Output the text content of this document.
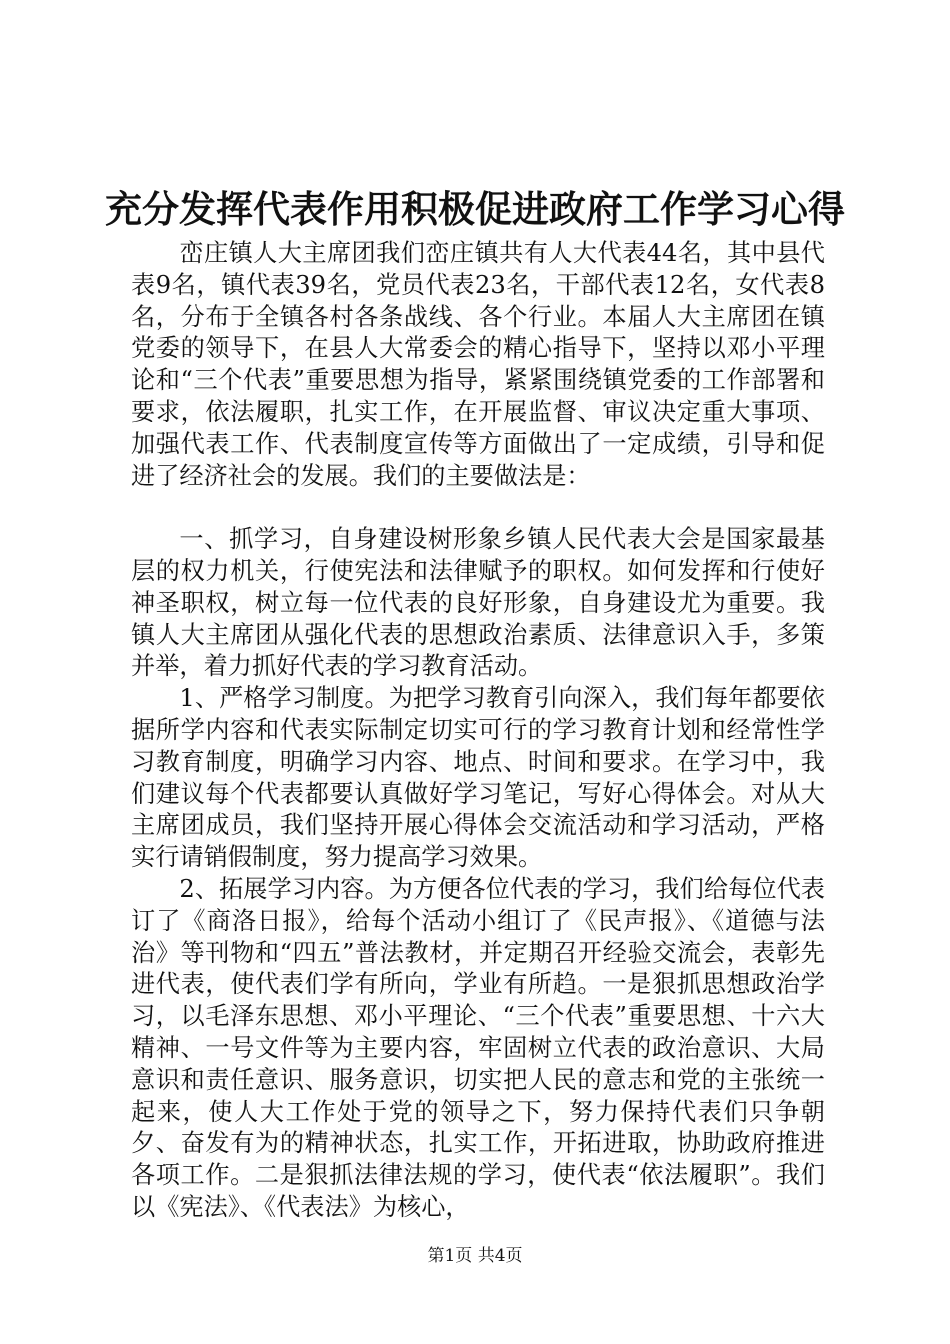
充分发挥代表作用积极促进政府工作学习心得

峦庄镇人大主席团我们峦庄镇共有人大代表44名，其中县代表9名，镇代表39名，党员代表23名，干部代表12名，女代表8名，分布于全镇各村各条战线、各个行业。本届人大主席团在镇党委的领导下，在县人大常委会的精心指导下，坚持以邓小平理论和“三个代表”重要思想为指导，紧紧围绕镇党委的工作部署和要求，依法履职，扎实工作，在开展监督、审议决定重大事项、加强代表工作、代表制度宣传等方面做出了一定成绩，引导和促进了经济社会的发展。我们的主要做法是：

一、抓学习，自身建设树形象乡镇人民代表大会是国家最基层的权力机关，行使宪法和法律赋予的职权。如何发挥和行使好神圣职权，树立每一位代表的良好形象，自身建设尤为重要。我镇人大主席团从强化代表的思想政治素质、法律意识入手，多策并举，着力抓好代表的学习教育活动。

1、严格学习制度。为把学习教育引向深入，我们每年都要依据所学内容和代表实际制定切实可行的学习教育计划和经常性学习教育制度，明确学习内容、地点、时间和要求。在学习中，我们建议每个代表都要认真做好学习笔记，写好心得体会。对从大主席团成员，我们坚持开展心得体会交流活动和学习活动，严格实行请销假制度，努力提高学习效果。

2、拓展学习内容。为方便各位代表的学习，我们给每位代表订了《商洛日报》，给每个活动小组订了《民声报》、《道德与法治》等刊物和“四五”普法教材，并定期召开经验交流会，表彰先进代表，使代表们学有所向，学业有所趋。一是狠抓思想政治学习，以毛泽东思想、邓小平理论、“三个代表”重要思想、十六大精神、一号文件等为主要内容，牢固树立代表的政治意识、大局意识和责任意识、服务意识，切实把人民的意志和党的主张统一起来，使人大工作处于党的领导之下，努力保持代表们只争朝夕、奋发有为的精神状态，扎实工作，开拓进取，协助政府推进各项工作。二是狠抓法律法规的学习，使代表“依法履职”。我们以《宪法》、《代表法》为核心，

第1页 共4页
